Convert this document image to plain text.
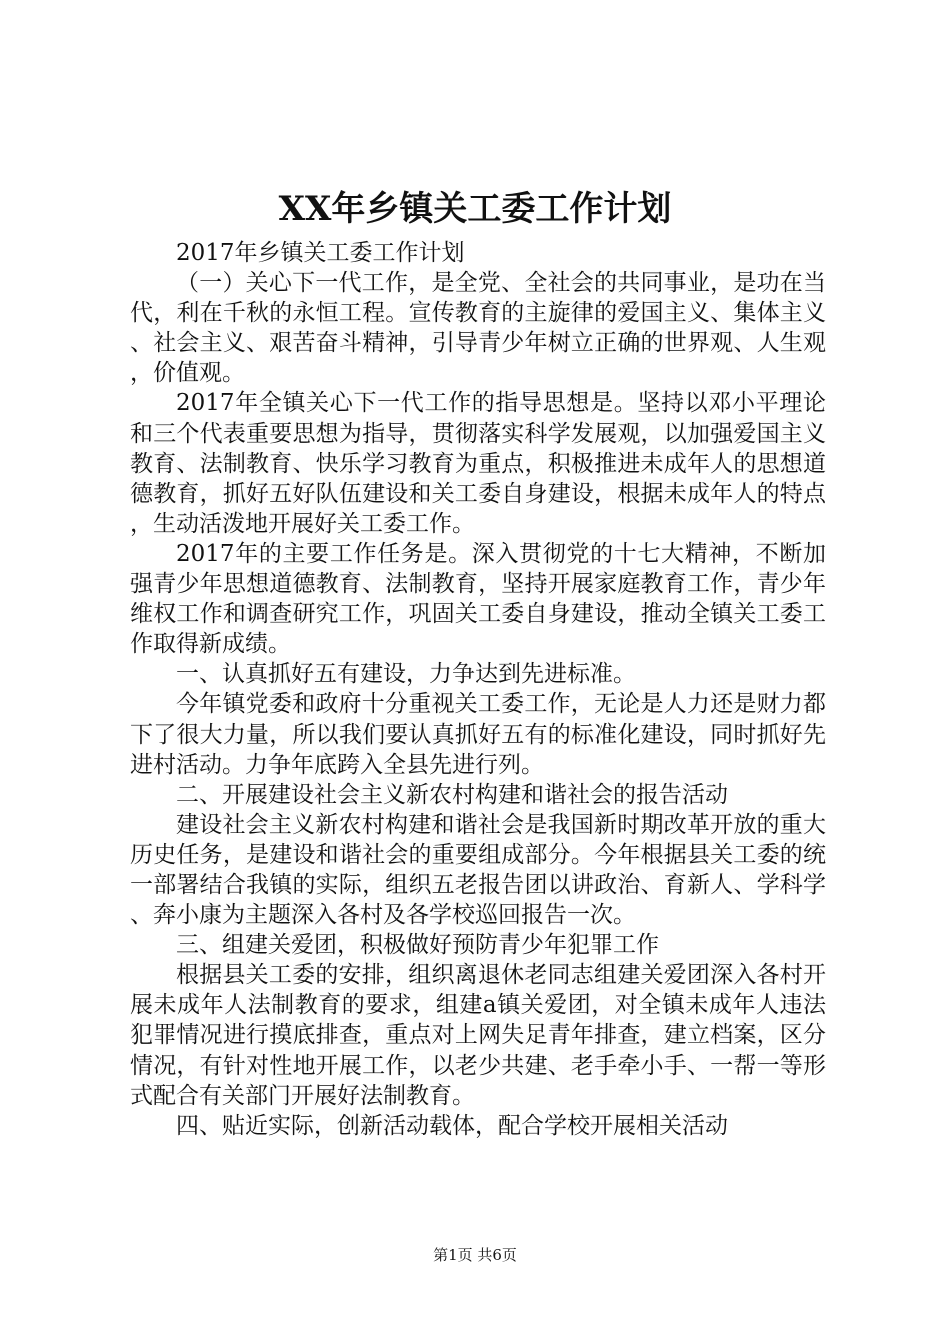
XX年乡镇关工委工作计划

2017年乡镇关工委工作计划

（一）关心下一代工作，是全党、全社会的共同事业，是功在当代，利在千秋的永恒工程。宣传教育的主旋律的爱国主义、集体主义、社会主义、艰苦奋斗精神，引导青少年树立正确的世界观、人生观，价值观。

2017年全镇关心下一代工作的指导思想是。坚持以邓小平理论和三个代表重要思想为指导，贯彻落实科学发展观，以加强爱国主义教育、法制教育、快乐学习教育为重点，积极推进未成年人的思想道德教育，抓好五好队伍建设和关工委自身建设，根据未成年人的特点，生动活泼地开展好关工委工作。

2017年的主要工作任务是。深入贯彻党的十七大精神，不断加强青少年思想道德教育、法制教育，坚持开展家庭教育工作，青少年维权工作和调查研究工作，巩固关工委自身建设，推动全镇关工委工作取得新成绩。

一、认真抓好五有建设，力争达到先进标准。

今年镇党委和政府十分重视关工委工作，无论是人力还是财力都下了很大力量，所以我们要认真抓好五有的标准化建设，同时抓好先进村活动。力争年底跨入全县先进行列。

二、开展建设社会主义新农村构建和谐社会的报告活动

建设社会主义新农村构建和谐社会是我国新时期改革开放的重大历史任务，是建设和谐社会的重要组成部分。今年根据县关工委的统一部署结合我镇的实际，组织五老报告团以讲政治、育新人、学科学、奔小康为主题深入各村及各学校巡回报告一次。

三、组建关爱团，积极做好预防青少年犯罪工作

根据县关工委的安排，组织离退休老同志组建关爱团深入各村开展未成年人法制教育的要求，组建a镇关爱团，对全镇未成年人违法犯罪情况进行摸底排查，重点对上网失足青年排查，建立档案，区分情况，有针对性地开展工作，以老少共建、老手牵小手、一帮一等形式配合有关部门开展好法制教育。

四、贴近实际，创新活动载体，配合学校开展相关活动

第1页 共6页
